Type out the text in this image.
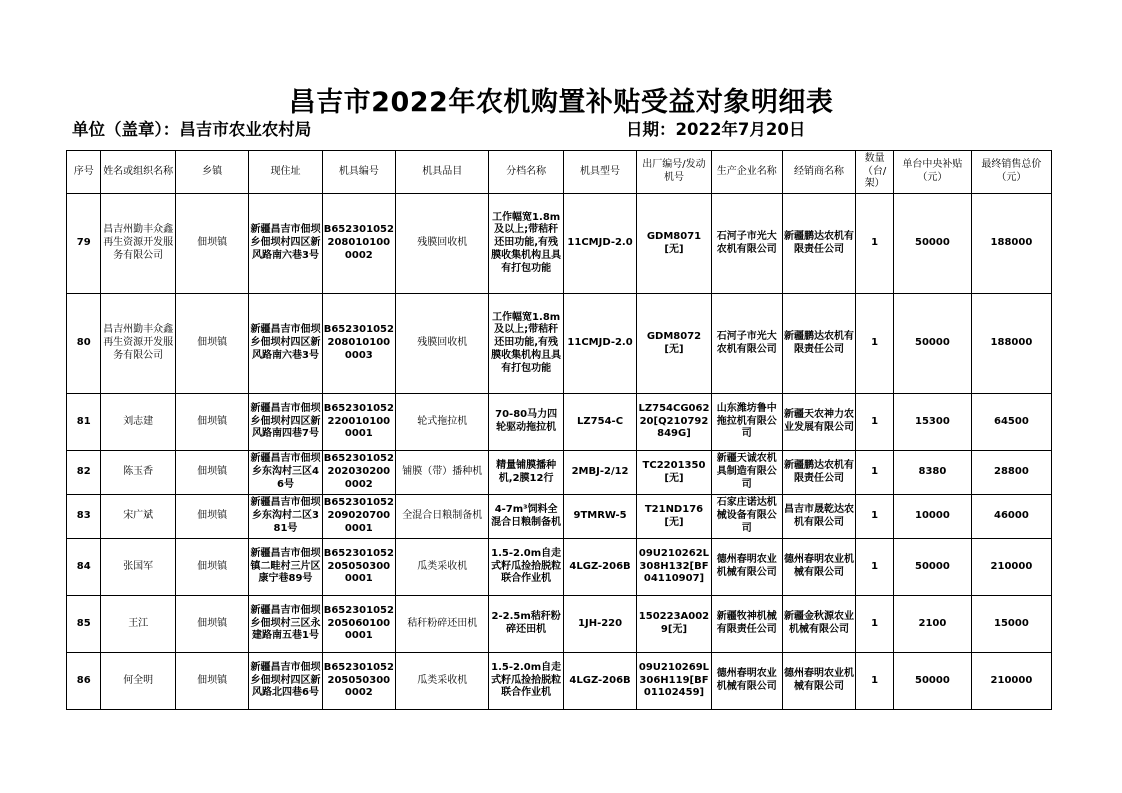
昌吉市2022年农机购置补贴受益对象明细表
单位（盖章）：昌吉市农业农村局	日期：2022年7月20日
序号	姓名或组织名称	乡镇	现住址	机具编号	机具品目	分档名称	机具型号	出厂编号/发动机号	生产企业名称	经销商名称	数量（台/架）	单台中央补贴（元）	最终销售总价（元）
79	昌吉州勤丰众鑫再生资源开发服务有限公司	佃坝镇	新疆昌吉市佃坝乡佃坝村四区新风路南六巷3号	B652301052208010100 0002	残膜回收机	工作幅宽1.8m及以上;带秸秆还田功能,有残膜收集机构且具有打包功能	11CMJD-2.0	GDM8071[无]	石河子市光大农机有限公司	新疆鹏达农机有限责任公司	1	50000	188000
80	昌吉州勤丰众鑫再生资源开发服务有限公司	佃坝镇	新疆昌吉市佃坝乡佃坝村四区新风路南六巷3号	B652301052208010100 0003	残膜回收机	工作幅宽1.8m及以上;带秸秆还田功能,有残膜收集机构且具有打包功能	11CMJD-2.0	GDM8072[无]	石河子市光大农机有限公司	新疆鹏达农机有限责任公司	1	50000	188000
81	刘志建	佃坝镇	新疆昌吉市佃坝乡佃坝村四区新风路南四巷7号	B652301052220010100 0001	轮式拖拉机	70-80马力四轮驱动拖拉机	LZ754-C	LZ754CG06220[Q210792849G]	山东潍坊鲁中拖拉机有限公司	新疆天农神力农业发展有限公司	1	15300	64500
82	陈玉香	佃坝镇	新疆昌吉市佃坝乡东沟村三区46号	B652301052202030200 0002	铺膜（带）播种机	精量铺膜播种机,2膜12行	2MBJ-2/12	TC2201350[无]	新疆天诚农机具制造有限公司	新疆鹏达农机有限责任公司	1	8380	28800
83	宋广斌	佃坝镇	新疆昌吉市佃坝乡东沟村二区381号	B652301052209020700 0001	全混合日粮制备机	4-7m³饲料全混合日粮制备机	9TMRW-5	T21ND176[无]	石家庄诺达机械设备有限公司	昌吉市晟乾达农机有限公司	1	10000	46000
84	张国军	佃坝镇	新疆昌吉市佃坝镇二畦村三片区康宁巷89号	B652301052205050300 0001	瓜类采收机	1.5-2.0m自走式籽瓜捡拾脱粒联合作业机	4LGZ-206B	09U210262L308H132[BF04110907]	德州春明农业机械有限公司	德州春明农业机械有限公司	1	50000	210000
85	王江	佃坝镇	新疆昌吉市佃坝乡佃坝村三区永建路南五巷1号	B652301052205060100 0001	秸秆粉碎还田机	2-2.5m秸秆粉碎还田机	1JH-220	150223A0029[无]	新疆牧神机械有限责任公司	新疆金秋源农业机械有限公司	1	2100	15000
86	何全明	佃坝镇	新疆昌吉市佃坝乡佃坝村四区新风路北四巷6号	B652301052205050300 0002	瓜类采收机	1.5-2.0m自走式籽瓜捡拾脱粒联合作业机	4LGZ-206B	09U210269L306H119[BF01102459]	德州春明农业机械有限公司	德州春明农业机械有限公司	1	50000	210000
